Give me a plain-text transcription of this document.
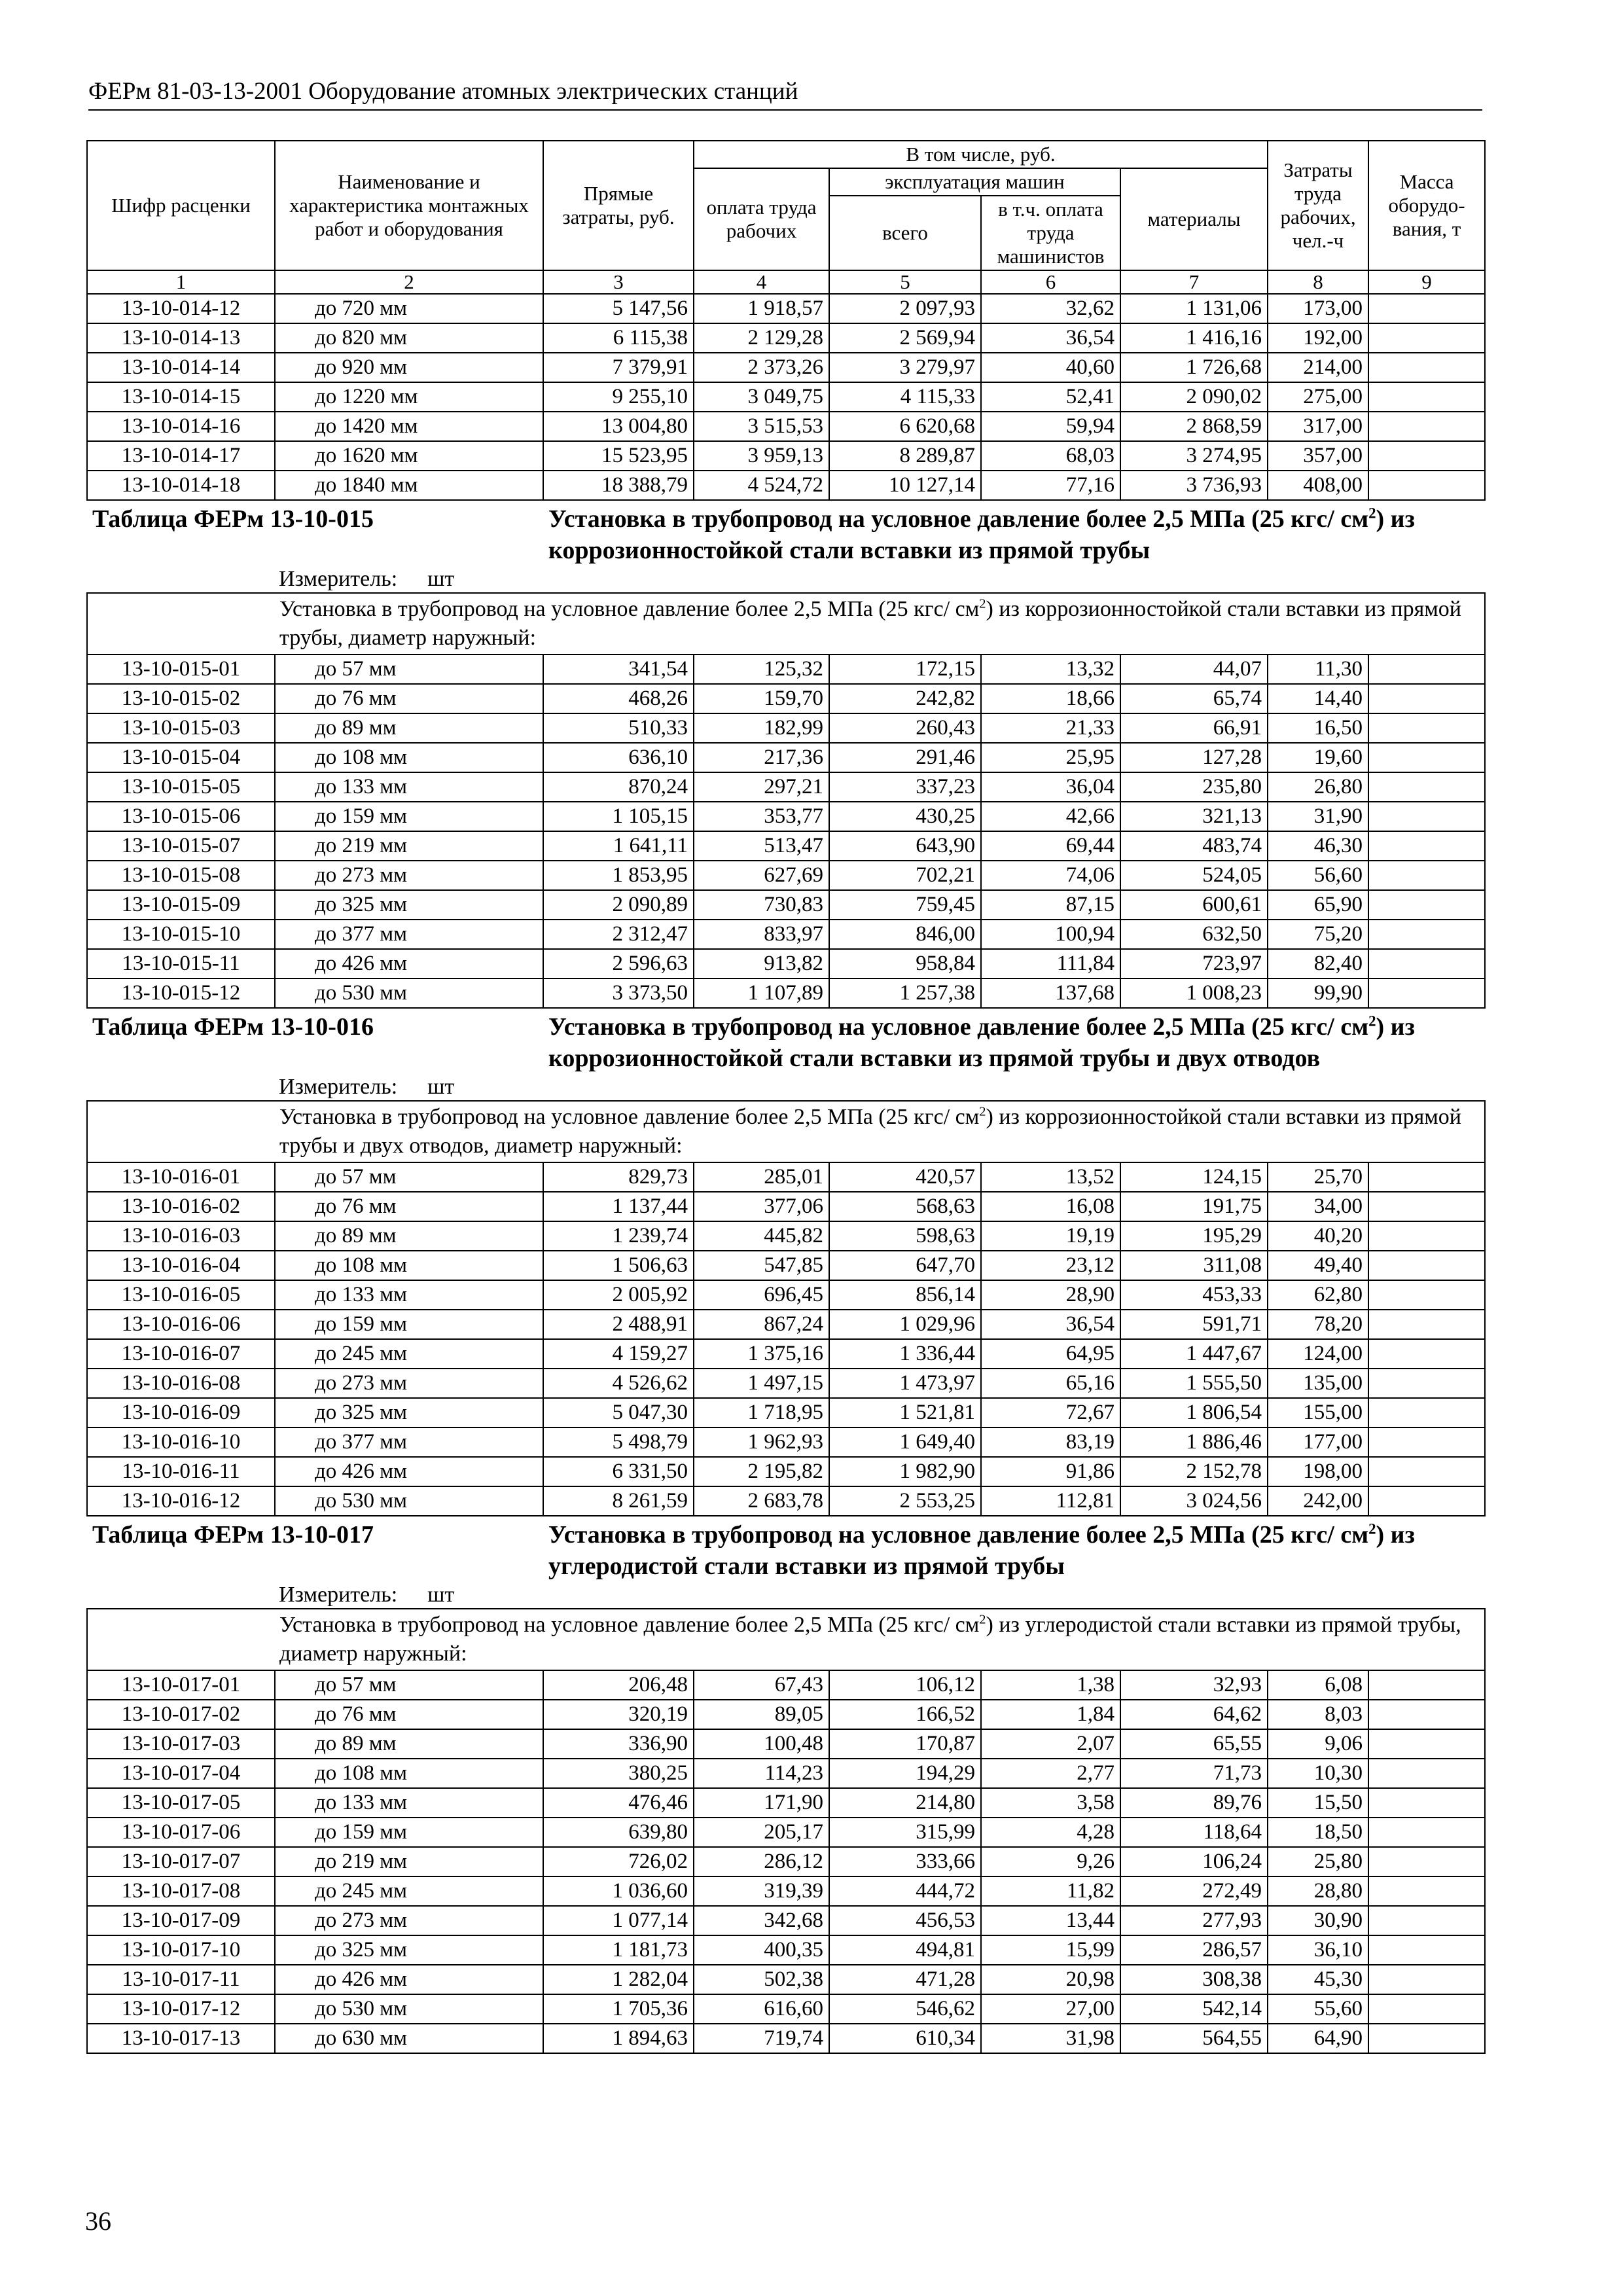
ФЕРм 81-03-13-2001 Оборудование атомных электрических станций
Шифр расценки	Наименование и характеристика монтажных работ и оборудования	Прямые затраты, руб.	В том числе, руб.				Затраты труда рабочих, чел.-ч	Масса оборудо-вания, т
			оплата труда рабочих	эксплуатация машин		материалы		
				всего	в т.ч. оплата труда машинистов			
1	2	3	4	5	6	7	8	9
13-10-014-12	до 720 мм	5 147,56	1 918,57	2 097,93	32,62	1 131,06	173,00	
13-10-014-13	до 820 мм	6 115,38	2 129,28	2 569,94	36,54	1 416,16	192,00	
13-10-014-14	до 920 мм	7 379,91	2 373,26	3 279,97	40,60	1 726,68	214,00	
13-10-014-15	до 1220 мм	9 255,10	3 049,75	4 115,33	52,41	2 090,02	275,00	
13-10-014-16	до 1420 мм	13 004,80	3 515,53	6 620,68	59,94	2 868,59	317,00	
13-10-014-17	до 1620 мм	15 523,95	3 959,13	8 289,87	68,03	3 274,95	357,00	
13-10-014-18	до 1840 мм	18 388,79	4 524,72	10 127,14	77,16	3 736,93	408,00	
Таблица ФЕРм 13-10-015		Установка в трубопровод на условное давление более 2,5 МПа (25 кгс/ $см^2$) из коррозионностойкой стали вставки из прямой трубы						
Измеритель: шт								
Установка в трубопровод на условное давление более 2,5 МПа (25 кгс/ $см^2$) из коррозионностойкой стали вставки из прямой трубы, диаметр наружный:								
13-10-015-01	до 57 мм	341,54	125,32	172,15	13,32	44,07	11,30	
13-10-015-02	до 76 мм	468,26	159,70	242,82	18,66	65,74	14,40	
13-10-015-03	до 89 мм	510,33	182,99	260,43	21,33	66,91	16,50	
13-10-015-04	до 108 мм	636,10	217,36	291,46	25,95	127,28	19,60	
13-10-015-05	до 133 мм	870,24	297,21	337,23	36,04	235,80	26,80	
13-10-015-06	до 159 мм	1 105,15	353,77	430,25	42,66	321,13	31,90	
13-10-015-07	до 219 мм	1 641,11	513,47	643,90	69,44	483,74	46,30	
13-10-015-08	до 273 мм	1 853,95	627,69	702,21	74,06	524,05	56,60	
13-10-015-09	до 325 мм	2 090,89	730,83	759,45	87,15	600,61	65,90	
13-10-015-10	до 377 мм	2 312,47	833,97	846,00	100,94	632,50	75,20	
13-10-015-11	до 426 мм	2 596,63	913,82	958,84	111,84	723,97	82,40	
13-10-015-12	до 530 мм	3 373,50	1 107,89	1 257,38	137,68	1 008,23	99,90	
Таблица ФЕРм 13-10-016		Установка в трубопровод на условное давление более 2,5 МПа (25 кгс/ $см^2$) из коррозионностойкой стали вставки из прямой трубы и двух отводов						
Измеритель: шт								
Установка в трубопровод на условное давление более 2,5 МПа (25 кгс/ $см^2$) из коррозионностойкой стали вставки из прямой трубы и двух отводов, диаметр наружный:								
13-10-016-01	до 57 мм	829,73	285,01	420,57	13,52	124,15	25,70	
13-10-016-02	до 76 мм	1 137,44	377,06	568,63	16,08	191,75	34,00	
13-10-016-03	до 89 мм	1 239,74	445,82	598,63	19,19	195,29	40,20	
13-10-016-04	до 108 мм	1 506,63	547,85	647,70	23,12	311,08	49,40	
13-10-016-05	до 133 мм	2 005,92	696,45	856,14	28,90	453,33	62,80	
13-10-016-06	до 159 мм	2 488,91	867,24	1 029,96	36,54	591,71	78,20	
13-10-016-07	до 245 мм	4 159,27	1 375,16	1 336,44	64,95	1 447,67	124,00	
13-10-016-08	до 273 мм	4 526,62	1 497,15	1 473,97	65,16	1 555,50	135,00	
13-10-016-09	до 325 мм	5 047,30	1 718,95	1 521,81	72,67	1 806,54	155,00	
13-10-016-10	до 377 мм	5 498,79	1 962,93	1 649,40	83,19	1 886,46	177,00	
13-10-016-11	до 426 мм	6 331,50	2 195,82	1 982,90	91,86	2 152,78	198,00	
13-10-016-12	до 530 мм	8 261,59	2 683,78	2 553,25	112,81	3 024,56	242,00	
Таблица ФЕРм 13-10-017		Установка в трубопровод на условное давление более 2,5 МПа (25 кгс/ $см^2$) из углеродистой стали вставки из прямой трубы						
Измеритель: шт								
Установка в трубопровод на условное давление более 2,5 МПа (25 кгс/ $см^2$) из углеродистой стали вставки из прямой трубы, диаметр наружный:								
13-10-017-01	до 57 мм	206,48	67,43	106,12	1,38	32,93	6,08	
13-10-017-02	до 76 мм	320,19	89,05	166,52	1,84	64,62	8,03	
13-10-017-03	до 89 мм	336,90	100,48	170,87	2,07	65,55	9,06	
13-10-017-04	до 108 мм	380,25	114,23	194,29	2,77	71,73	10,30	
13-10-017-05	до 133 мм	476,46	171,90	214,80	3,58	89,76	15,50	
13-10-017-06	до 159 мм	639,80	205,17	315,99	4,28	118,64	18,50	
13-10-017-07	до 219 мм	726,02	286,12	333,66	9,26	106,24	25,80	
13-10-017-08	до 245 мм	1 036,60	319,39	444,72	11,82	272,49	28,80	
13-10-017-09	до 273 мм	1 077,14	342,68	456,53	13,44	277,93	30,90	
13-10-017-10	до 325 мм	1 181,73	400,35	494,81	15,99	286,57	36,10	
13-10-017-11	до 426 мм	1 282,04	502,38	471,28	20,98	308,38	45,30	
13-10-017-12	до 530 мм	1 705,36	616,60	546,62	27,00	542,14	55,60	
13-10-017-13	до 630 мм	1 894,63	719,74	610,34	31,98	564,55	64,90	
36
